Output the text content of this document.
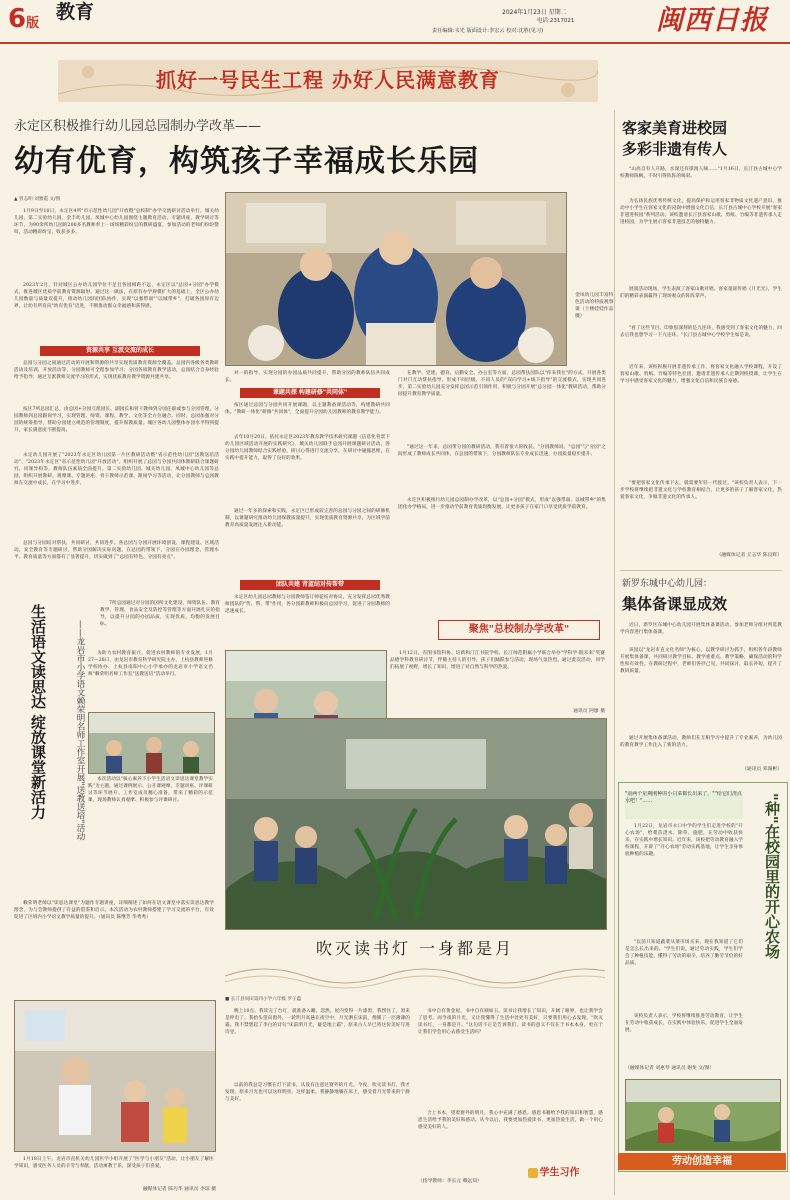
6版
教育	2024年1月23日 星期二
电话:2317021
责任编辑:韦光 版面设计:李宏云 校对:沈胜(见习)	闽西日报
抓好一号民生工程 办好人民满意教育
永定区积极推行幼儿园总园制办学改革——
幼有优育，构筑孩子幸福成长乐园
金凤幼儿园丰富特色活动的特质观察课（土楼娃娃作品摄）
▲ 曾志明 刘雅霞 文/图
1月9日至10日，永定区4所"市示范性幼儿园"开放暨"总校制"办学交流研讨活动举行。城关幼儿园、第二实验幼儿园、金丰幼儿园、凤城中心幼儿园围绕主题教育活动、专题讲座、教学研讨等环节，为90余所幼儿园的200多名教师奉上一场场精彩纷呈的教研盛宴。参加活动的老师们纷纷赞叹，活动精彩纷呈，收获多多。
2023年2月，针对城区公办幼儿园学位不足且各园相距不远，永定区以"总园+分园"办学模式，推进城区优质学前教育资源辐射。通过这一做法，在原有办学规模扩大的基础上，全区公办幼儿园数量与质量双提升，推动幼儿园间团队协作，实现"以强带弱""以城带乡"，打破各园原有边界，让幼有所育向"幼有优育"迈进，不断推动群众幸福感和获得感。
资源共享 互派交流的成长
总园与分园之间通过活动的开展和资源的共享实现优质教育资源全覆盖。总园内各级各类教研活动及培训、开放活动等，分园教师可全程参加学习；分园各项教育教学活动，总园结合自身经验给予指导；通过互派教师交流学习的形式，实现优质教育教学资源共建共享。
按区7所总园汇总，由总园+分园互派园长、副园长和骨干教师到分园任职或参与分园管理，分园教师到总园跟岗学习，实现管理、师资、课程、教学、文化等全方位融合。同时，总园加强对分园的统筹指导，帮助分园建立规范的管理制度，提升保教质量。城区各幼儿园整体办园水平得到提升，家长满意度不断提高。
永定幼儿园开展了"2023年永定区幼儿园第一片区教研活动暨"省示范性幼儿园"送教送培活动"、"2023年永定区"省示范性幼儿园"开放活动"。组织开展了总园与分园共同体教研联合课题研究、同课异构等，教师队伍素质全面提升。第二实验幼儿园、城关幼儿园、凤城中心幼儿园等总园，组织开展教研、观摩课、专题讲座、骨干教师示范课、跟岗学习等活动，让分园教师与总园教师在交流中成长，在学习中进步。
总园与分园结对帮扶，共同研讨，共同进步。各总园与分园开展环境创设、课程建设、区域活动、安全教育等专题研讨，帮助分园解决实际问题。在总园的带领下，分园在办园理念、管理水平、教育质量等方面都有了显著提升，切实做到了"总园有特色、分园有亮点"。
7所总园通过对分园的园所文化建设、师资队伍、教育教学、管理、食品安全及防控等管理等方面开展扎实的指导，以提升分园的办园品质，实现优质、均衡的发展目标。
对一的指导，实现分园的办园品质共同提升，帮助分园的教师队伍共同成长。
课题共探 构建研修"共同体"
按区通过总园与分园共同开展课题，以主题教备课活动等，构建教研共同体。"教研一体化"研修"共同体"，全面提升分园幼儿园教师的教育教学能力。
去年10月20日，依托永定区2023年教育教学技术研究课题《信息化背景下幼儿园区域活动开展的实践研究》，城关幼儿园联手总园开展课题研讨活动。各分园幼儿园教师结合实践经验、研讨心得进行交流分享，在研讨中碰撞思维，在实践中提升能力，取得了良好的效果。
通过一年多的探索和实践，永定区已形成较完善的总园与分园之间的研修机制，以课题研究推动幼儿园保教质量提升，实现优质教育资源共享，为区域学前教育高质量发展注入新动能。
团队共建 青蓝结对传帮带
永定区幼儿园总园教师与分园教师签订师徒结对协议，充分发挥总园优秀教师团队的"传、帮、带"作用，各分园新教师积极向总园学习，促进了分园教师的迅速成长。
在教学、党建、德育、后勤安全、办公室等方面，总园帮扶园队以"你来我往"的方式，开展各类门对门互动帮扶指导，形成不同层级、不同人员的"双向学习+线下指导"的交流模式，实现共同进步。第二实验幼儿园充分发挥总园示范引领作用，积极与分园开展"总分园一体化"教研活动，帮助分园提升教育教学质量。
"通过这一年来，总园带分园的教研活动，我有着很大的收获。"分园教师说。"总园"与"分园"之间形成了教师成长共同体，在总园的带领下，分园教师队伍专业成长迅速，办园质量稳步提升。
永定区积极推行幼儿园总园制办学改革，以"总园+分园"模式，形成"以强带弱、以城带乡"的集团化办学格局，进一步推动学前教育优质均衡发展，让更多孩子在家门口享受优质学前教育。
聚焦"总校制办学改革"
生活语文读思达 绽放课堂新活力	——龙岩市小学语文赖荣明名师工作室开展"送教送培"活动	为助力农村教育振兴，促进农村教师的专业发展，1月27—28日，由龙岩市教育科学研究院主办、上杭县教师进修学校协办、上杭县南阳中心小学承办的龙岩市小学语文名师"赖荣明名师工作室"送教送培"活动举行。
本次活动以"核心素养下小学生活语文读思达课堂教学实践"为主题，通过课例展示、公开课观摩、专题讲座、评课研讨等环节展开。工作室成员精心准备，带来了精彩的示范课，现场教师认真观摩、积极参与评课研讨。
赖荣明老师以"读思达课堂"为题作专题讲座，详细阐述了如何在语文课堂中落实读思达教学理念，为与会教师提供了有益的借鉴和启示。本次活动为农村教师搭建了学习交流的平台，有效促进了区域内小学语文教学质量的提升。（通讯员 陈继芳 华秀秀）
1月18日上午，龙岩市直机关幼儿园医学小组开展了"医学与小朋友"活动，让小朋友了解医学知识，感受医务人员的辛劳与奉献，活动寓教于乐，深受孩子们喜爱。
融媒体记者 陈巧华 通讯员 李琼 摄
1月12日，省图书馆科协、培新和汀江书院学校、长汀师范附属小学联合举办"学科学·既未来"奖赛品德学科教育研讨节，伴随主持人的引导，孩子们踊跃参与活动，现场气氛热烈。通过此次活动，同学们拓展了视野，增长了知识，增进了对自然与科学的热爱。
通讯员 阿廖 摄
吹灭读书灯 一身都是月
■ 长汀县同田第四小学六年级 罗子蕴
晚上10点，我读完了台灯，就准备入睡。忽然，屋内变得一片漆黑，我愣住了，原来是停电了。我抬头望向窗外，一轮明月高悬在夜空中，月光洒在床前，像铺了一层薄薄的霜。我不禁想起了李白的诗句"床前明月光，疑是地上霜"，原来古人早已将这份美好写进诗里。
以前的我总是习惯在灯下读书，从没有注意过窗外的月光。今夜，吹灭读书灯，我才发现，原来月光也可以这样明亮，这样温柔。我静静地躺在床上，感受着月光带来的宁静与美好。
书中自有黄金屋，书中自有颜如玉。读书让我增长了知识，开阔了眼界，也让我学会了思考。而今夜的月光，又让我懂得了生活中处处有美好，只要我们用心去发现。"吹灭读书灯，一身都是月。"这句话不正是告诉我们，读书的意义不仅在于书本本身，更在于让我们学会用心去感受生活吗？
合上书本，望着窗外的明月，我心中充满了感恩。感恩书籍给予我的知识和智慧，感恩生活给予我的美好和感动。从今以后，我要更加热爱读书，更加热爱生活，做一个用心感受美好的人。
（指导教师：李长元 赖远知）
学生习作
客家美育进校园
多彩非遗有传人
"山高自有人开路，水深还有撑渡人嘀……"1月16日，长汀县古城中心学校教师陈枫，不时引得阵阵的喝彩。
为弘扬民族优秀传统文化，提高保护和运用客家非物质文化遗产意识，推动中小学生在客家文化的浸润中增强文化自信，长汀县古城中心学校开展"客家非遗进校园"系列活动。该校邀请长汀县客家山歌、剪纸、竹编等非遗传承人走进校园，为学生展示客家非遗技艺的独特魅力。
展演活动现场，学生表演了客家山歌对唱、客家童谣传唱《月光光》，学生们的精彩表演赢得了现场观众的阵阵掌声。
"看了这些节目，印象很深刻的是九连环，我感受到了客家文化的魅力，回去后我也想学习一下九连环。"长汀县古城中心学校学生如是说。
近年来，该校积极开展非遗传承工作，将客家文化融入学校课程，开设了客家山歌、剪纸、竹编等特色社团，邀请非遗传承人定期到校授课，让学生在学习中感受客家文化的魅力，增强文化自信和民族自豪感。
"要把客家文化传承下去，就需要年轻一代接过。"该校负责人表示，下一步学校将继续把非遗文化与学校教育相结合，让更多的孩子了解客家文化、热爱客家文化，争做非遗文化的传承人。
（融媒体记者 丘志华 陈良辉）
新罗东城中心幼儿园：
集体备课显成效
近日，新罗区东城中心幼儿园开展集体备课活动，参加老师分组对所选教学内容进行集体备课。
该园以"龙岩市直文化名师"为核心，以教学研讨为抓手，组织各年段教师开展集体备课，共同研讨教学目标、教学重难点、教学策略，确保活动的科学性和有效性。在教研过程中，老师们各抒己见，共同探讨，取长补短，提升了教研质量。
通过开展集体备课活动，教师们在互相学习中提升了专业素养，为幼儿园的教育教学工作注入了新的活力。
（通讯员 邓湄彬）
"种"在校园里的开心农场
"前两个星期刚种的小白菜都长出来了，""给它们浇点水吧！"……
1月22日，龙岩市永口中学的学生们走进学校的"开心农场"，给菜苗浇水、除草、施肥，在劳动中收获快乐，在实践中增长知识。近年来，该校把劳动教育融入学校课程，开辟了"开心农场"劳动实践基地，让学生亲身体验种植的乐趣。
"以前只知道蔬菜从菜市场买来，现在我知道了它们是怎么长出来的。"学生们说。通过劳动实践，学生们学会了种植技能，懂得了劳动的艰辛，培养了勤劳节俭的好品质。
该校负责人表示，学校将继续推进劳动教育，让学生在劳动中收获成长，在实践中体验快乐，促进学生全面发展。
（融媒体记者 刘惠琴 通讯员 谢斐 文/图）
劳动创造幸福
